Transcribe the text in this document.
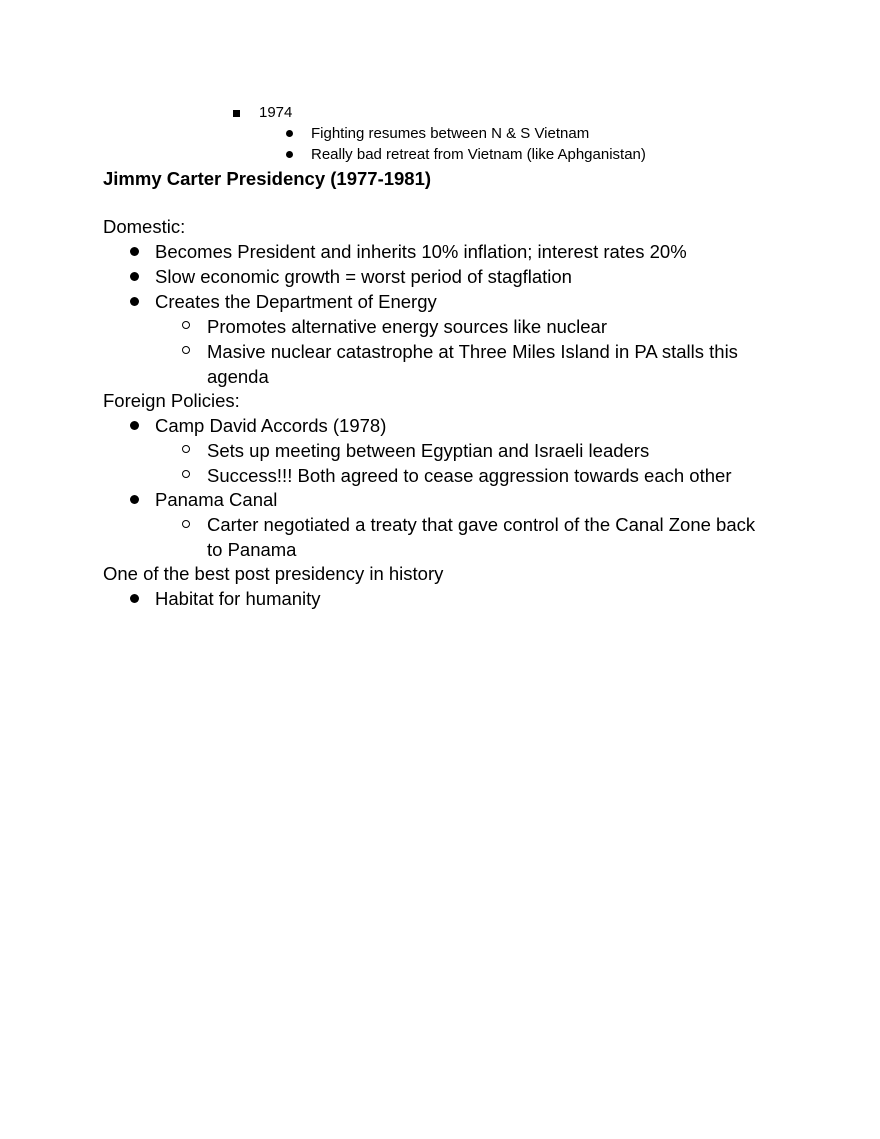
1974
Fighting resumes between N & S Vietnam
Really bad retreat from Vietnam (like Aphganistan)
Jimmy Carter Presidency (1977-1981)
Domestic:
Becomes President and inherits 10% inflation; interest rates 20%
Slow economic growth = worst period of stagflation
Creates the Department of Energy
Promotes alternative energy sources like nuclear
Masive nuclear catastrophe at Three Miles Island in PA stalls this
agenda
Foreign Policies:
Camp David Accords (1978)
Sets up meeting between Egyptian and Israeli leaders
Success!!! Both agreed to cease aggression towards each other
Panama Canal
Carter negotiated a treaty that gave control of the Canal Zone back
to Panama
One of the best post presidency in history
Habitat for humanity
